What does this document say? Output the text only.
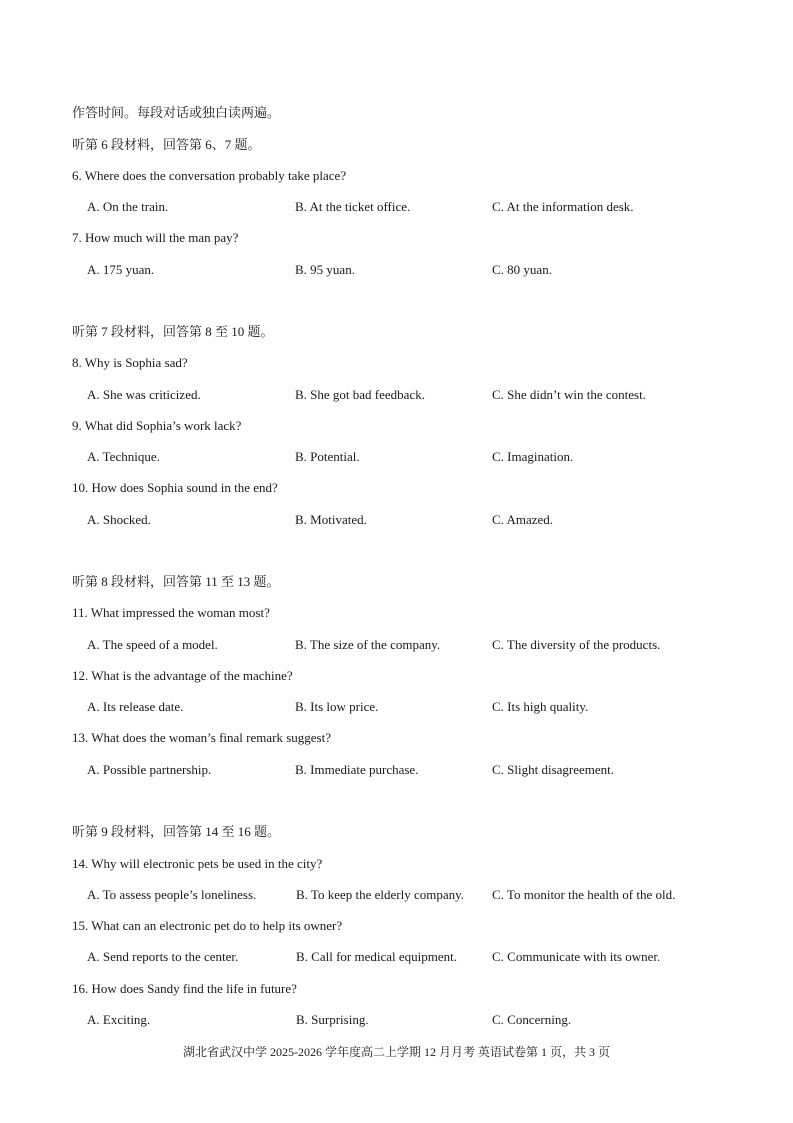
作答时间。每段对话或独白读两遍。
听第 6 段材料，回答第 6、7 题。
6. Where does the conversation probably take place?
A. On the train.	B. At the ticket office.	C. At the information desk.
7. How much will the man pay?
A. 175 yuan.	B. 95 yuan.	C. 80 yuan.
听第 7 段材料，回答第 8 至 10 题。
8. Why is Sophia sad?
A. She was criticized.	B. She got bad feedback.	C. She didn’t win the contest.
9. What did Sophia’s work lack?
A. Technique.	B. Potential.	C. Imagination.
10. How does Sophia sound in the end?
A. Shocked.	B. Motivated.	C. Amazed.
听第 8 段材料，回答第 11 至 13 题。
11. What impressed the woman most?
A. The speed of a model.	B. The size of the company.	C. The diversity of the products.
12. What is the advantage of the machine?
A. Its release date.	B. Its low price.	C. Its high quality.
13. What does the woman’s final remark suggest?
A. Possible partnership.	B. Immediate purchase.	C. Slight disagreement.
听第 9 段材料，回答第 14 至 16 题。
14. Why will electronic pets be used in the city?
A. To assess people’s loneliness.	B. To keep the elderly company. C. To monitor the health of the old.
15. What can an electronic pet do to help its owner?
A. Send reports to the center.	B. Call for medical equipment.	C. Communicate with its owner.
16. How does Sandy find the life in future?
A. Exciting.	B. Surprising.	C. Concerning.
湖北省武汉中学 2025-2026 学年度高二上学期 12 月月考 英语试卷第 1 页，共 3 页
